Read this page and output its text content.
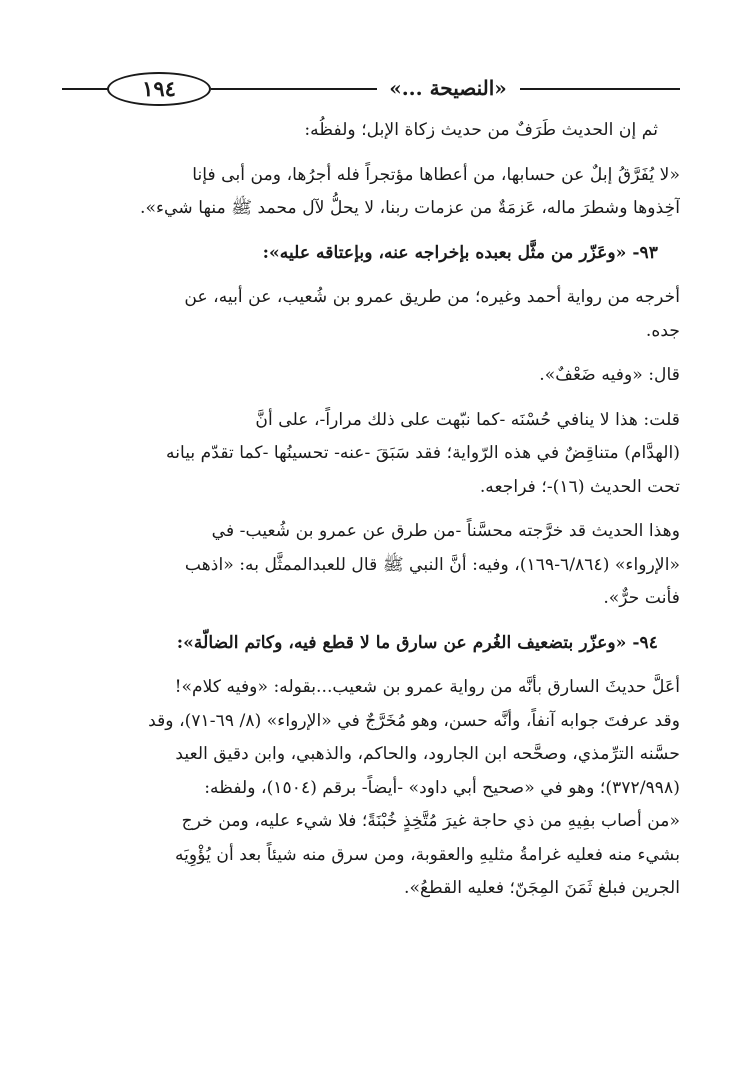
١٩٤	«النصيحة ...»

ثم إن الحديث طَرَفٌ من حديث زكاة الإبل؛ ولفظُه:

«لا يُفَرَّقُ إبلٌ عن حسابها، من أعطاها مؤتجراً فله أجرُها، ومن أبى فإنا
آخِذوها وشطرَ ماله، عَزمَةٌ من عزمات ربنا، لا يحلُّ لآل محمد ﷺ منها شيء».

٩٣- «وعَزّر من مثَّل بعبده بإخراجه عنه، وبإعتاقه عليه»:

أخرجه من رواية أحمد وغيره؛ من طريق عمرو بن شُعيب، عن أبيه، عن
جده.

قال: «وفيه ضَعْفٌ».

قلت: هذا لا ينافي حُسْنَه -كما نبّهت على ذلك مراراً-، على أنَّ
(الهدَّام) متناقِضٌ في هذه الرّواية؛ فقد سَبَقَ -عنه- تحسينُها -كما تقدّم بيانه
تحت الحديث (١٦)-؛ فراجعه.

وهذا الحديث قد خرَّجته محسَّناً -من طرق عن عمرو بن شُعيب- في
«الإرواء» (٦/٨٦٤-١٦٩)، وفيه: أنَّ النبي ﷺ قال للعبدالممثَّل به: «اذهب
فأنت حرٌّ».

٩٤- «وعزّر بتضعيف الغُرم عن سارق ما لا قطع فيه، وكاتم الضالّة»:

أعَلَّ حديثَ السارق بأنَّه من رواية عمرو بن شعيب...بقوله: «وفيه كلام»!
وقد عرفتَ جوابه آنفاً، وأنَّه حسن، وهو مُخَرَّجٌ في «الإرواء» (٨/ ٦٩-٧١)، وقد
حسَّنه الترِّمذي، وصحَّحه ابن الجارود، والحاكم، والذهبي، وابن دقيق العيد
(٣٧٢/٩٩٨)؛ وهو في «صحيح أبي داود» -أيضاً- برقم (١٥٠٤)، ولفظه:
«من أصاب بفِيهِ من ذي حاجة غيرَ مُتَّخِذٍ خُبْنَةً؛ فلا شيء عليه، ومن خرج
بشيء منه فعليه غرامةُ مثليهِ والعقوبة، ومن سرق منه شيئاً بعد أن يُؤْوِيَه
الجرين فبلغ ثَمَنَ المِجَنّ؛ فعليه القطعُ».
